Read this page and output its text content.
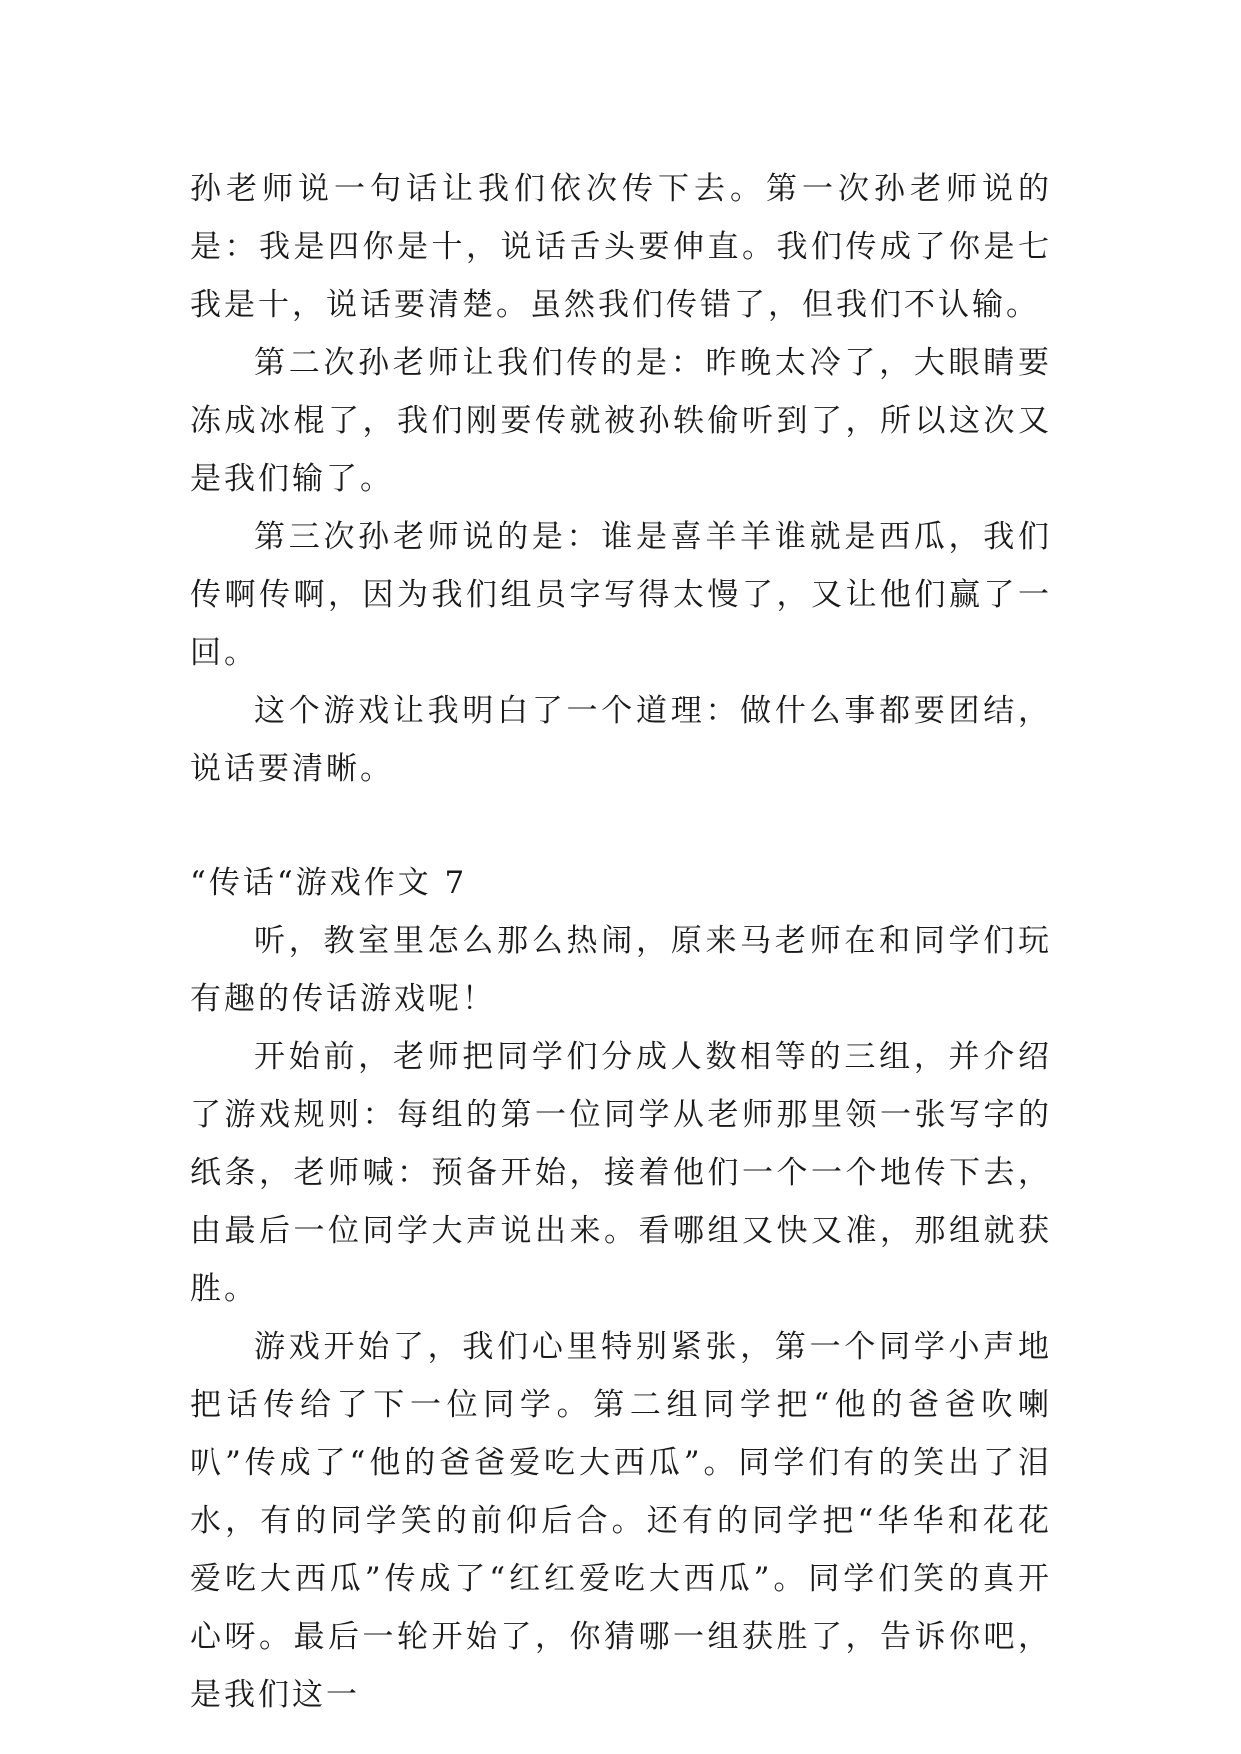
孙老师说一句话让我们依次传下去。第一次孙老师说的是：我是四你是十，说话舌头要伸直。我们传成了你是七我是十，说话要清楚。虽然我们传错了，但我们不认输。

第二次孙老师让我们传的是：昨晚太冷了，大眼睛要冻成冰棍了，我们刚要传就被孙轶偷听到了，所以这次又是我们输了。

第三次孙老师说的是：谁是喜羊羊谁就是西瓜，我们传啊传啊，因为我们组员字写得太慢了，又让他们赢了一回。

这个游戏让我明白了一个道理：做什么事都要团结，说话要清晰。

“传话“游戏作文 7

听，教室里怎么那么热闹，原来马老师在和同学们玩有趣的传话游戏呢！

开始前，老师把同学们分成人数相等的三组，并介绍了游戏规则：每组的第一位同学从老师那里领一张写字的纸条，老师喊：预备开始，接着他们一个一个地传下去，由最后一位同学大声说出来。看哪组又快又准，那组就获胜。

游戏开始了，我们心里特别紧张，第一个同学小声地把话传给了下一位同学。第二组同学把“他的爸爸吹喇叭”传成了“他的爸爸爱吃大西瓜”。同学们有的笑出了泪水，有的同学笑的前仰后合。还有的同学把“华华和花花爱吃大西瓜”传成了“红红爱吃大西瓜”。同学们笑的真开心呀。最后一轮开始了，你猜哪一组获胜了，告诉你吧，是我们这一
